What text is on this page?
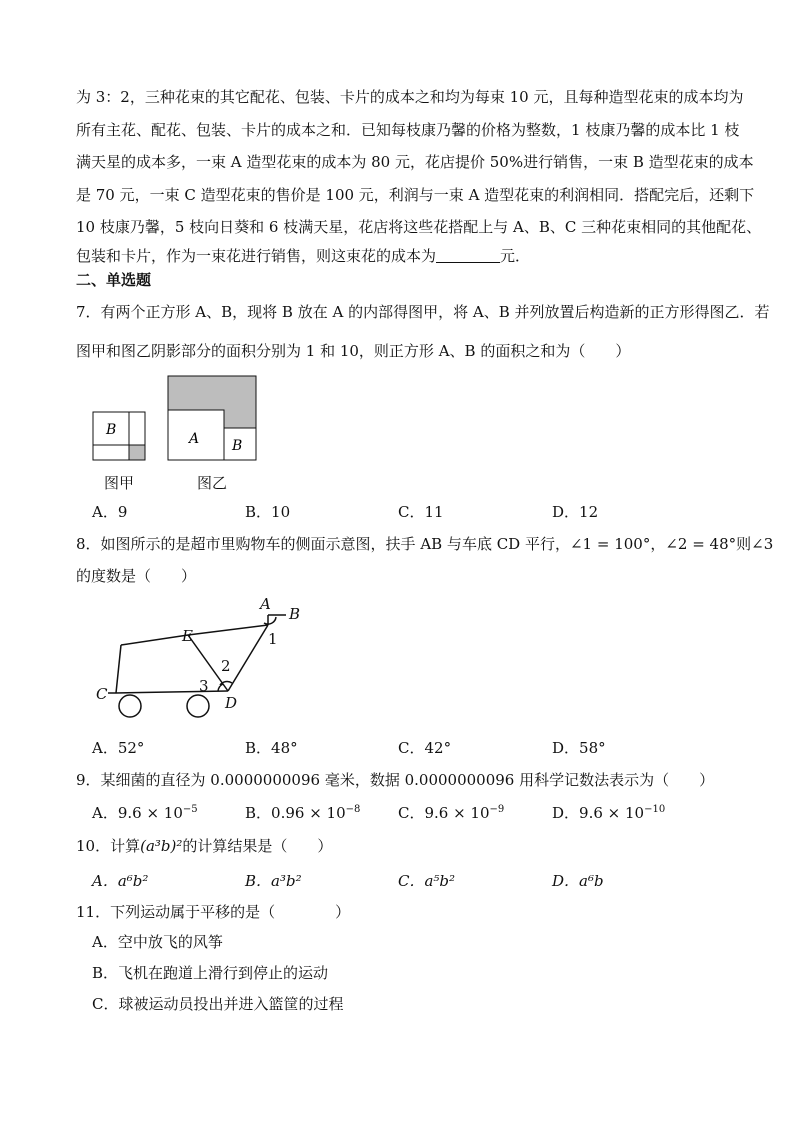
为 3：2，三种花束的其它配花、包装、卡片的成本之和均为每束 10 元，且每种造型花束的成本均为
所有主花、配花、包装、卡片的成本之和．已知每枝康乃馨的价格为整数，1 枝康乃馨的成本比 1 枝
满天星的成本多，一束 A 造型花束的成本为 80 元，花店提价 50%进行销售，一束 B 造型花束的成本
是 70 元，一束 C 造型花束的售价是 100 元，利润与一束 A 造型花束的利润相同．搭配完后，还剩下
10 枝康乃馨，5 枝向日葵和 6 枝满天星，花店将这些花搭配上与 A、B、C 三种花束相同的其他配花、
包装和卡片，作为一束花进行销售，则这束花的成本为	元．
二、单选题
7．有两个正方形 A、B，现将 B 放在 A 的内部得图甲，将 A、B 并列放置后构造新的正方形得图乙．若
图甲和图乙阴影部分的面积分别为 1 和 10，则正方形 A、B 的面积之和为（　　）
B
A B
图甲	图乙
A．9	B．10	C．11	D．12
8．如图所示的是超市里购物车的侧面示意图，扶手 AB 与车底 CD 平行，∠1 = 100°，∠2 = 48°则∠3
的度数是（　　）
A
B
C	D
E	1
2
3
A．52°	B．48°	C．42°	D．58°
9．某细菌的直径为 0.0000000096 毫米，数据 0.0000000096 用科学记数法表示为（　　）
A．$9.6 \times 10^{-5}$	B．$0.96 \times 10^{-8}$	C．$9.6 \times 10^{-9}$	D．$9.6 \times 10^{-10}$
10．计算(a³b)²的计算结果是（　　）
A．a⁶b²	B．a³b²	C．a⁵b²	D．a⁶b
11．下列运动属于平移的是（　　　　）
A．空中放飞的风筝
B．飞机在跑道上滑行到停止的运动
C．球被运动员投出并进入篮筐的过程
